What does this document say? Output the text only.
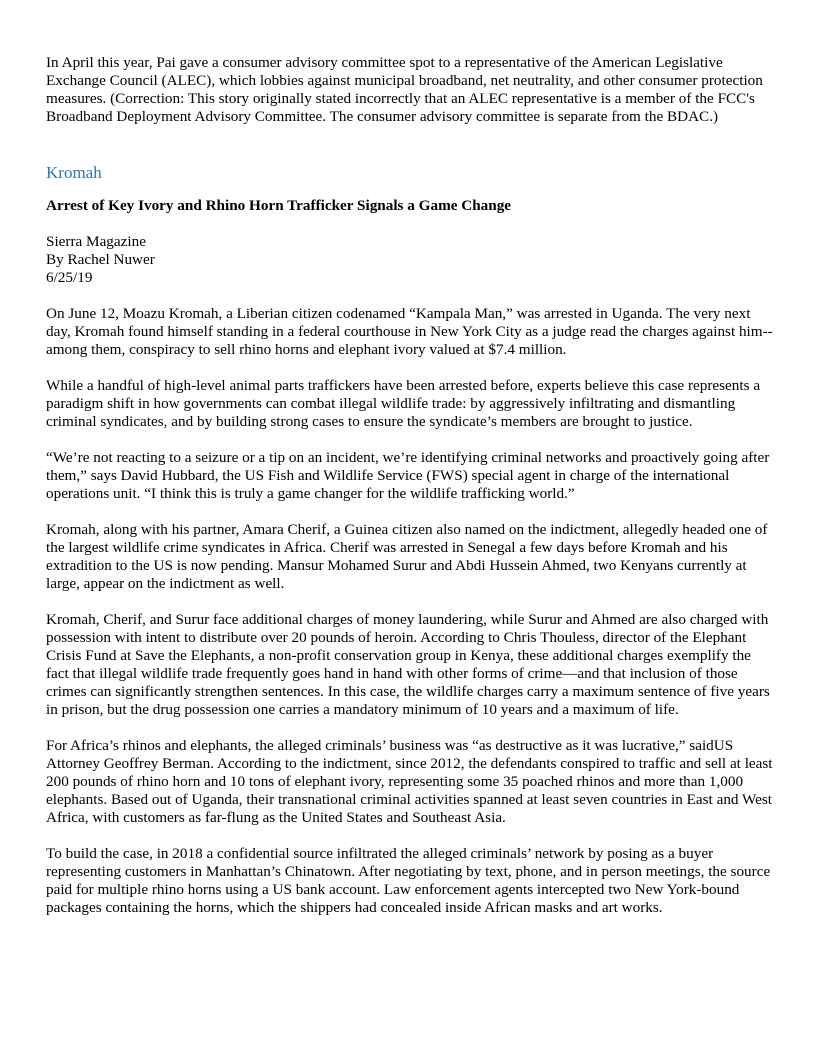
In April this year, Pai gave a consumer advisory committee spot to a representative of the American Legislative Exchange Council (ALEC), which lobbies against municipal broadband, net neutrality, and other consumer protection measures. (Correction: This story originally stated incorrectly that an ALEC representative is a member of the FCC's Broadband Deployment Advisory Committee. The consumer advisory committee is separate from the BDAC.)

Kromah

Arrest of Key Ivory and Rhino Horn Trafficker Signals a Game Change

Sierra Magazine
By Rachel Nuwer
6/25/19

On June 12, Moazu Kromah, a Liberian citizen codenamed “Kampala Man,” was arrested in Uganda. The very next day, Kromah found himself standing in a federal courthouse in New York City as a judge read the charges against him--among them, conspiracy to sell rhino horns and elephant ivory valued at $7.4 million.

While a handful of high-level animal parts traffickers have been arrested before, experts believe this case represents a paradigm shift in how governments can combat illegal wildlife trade: by aggressively infiltrating and dismantling criminal syndicates, and by building strong cases to ensure the syndicate’s members are brought to justice.

“We’re not reacting to a seizure or a tip on an incident, we’re identifying criminal networks and proactively going after them,” says David Hubbard, the US Fish and Wildlife Service (FWS) special agent in charge of the international operations unit. “I think this is truly a game changer for the wildlife trafficking world.”

Kromah, along with his partner, Amara Cherif, a Guinea citizen also named on the indictment, allegedly headed one of the largest wildlife crime syndicates in Africa. Cherif was arrested in Senegal a few days before Kromah and his extradition to the US is now pending. Mansur Mohamed Surur and Abdi Hussein Ahmed, two Kenyans currently at large, appear on the indictment as well.

Kromah, Cherif, and Surur face additional charges of money laundering, while Surur and Ahmed are also charged with possession with intent to distribute over 20 pounds of heroin. According to Chris Thouless, director of the Elephant Crisis Fund at Save the Elephants, a non-profit conservation group in Kenya, these additional charges exemplify the fact that illegal wildlife trade frequently goes hand in hand with other forms of crime—and that inclusion of those crimes can significantly strengthen sentences. In this case, the wildlife charges carry a maximum sentence of five years in prison, but the drug possession one carries a mandatory minimum of 10 years and a maximum of life.

For Africa’s rhinos and elephants, the alleged criminals’ business was “as destructive as it was lucrative,” saidUS Attorney Geoffrey Berman. According to the indictment, since 2012, the defendants conspired to traffic and sell at least 200 pounds of rhino horn and 10 tons of elephant ivory, representing some 35 poached rhinos and more than 1,000 elephants. Based out of Uganda, their transnational criminal activities spanned at least seven countries in East and West Africa, with customers as far-flung as the United States and Southeast Asia.

To build the case, in 2018 a confidential source infiltrated the alleged criminals’ network by posing as a buyer representing customers in Manhattan’s Chinatown. After negotiating by text, phone, and in person meetings, the source paid for multiple rhino horns using a US bank account. Law enforcement agents intercepted two New York-bound packages containing the horns, which the shippers had concealed inside African masks and art works.
